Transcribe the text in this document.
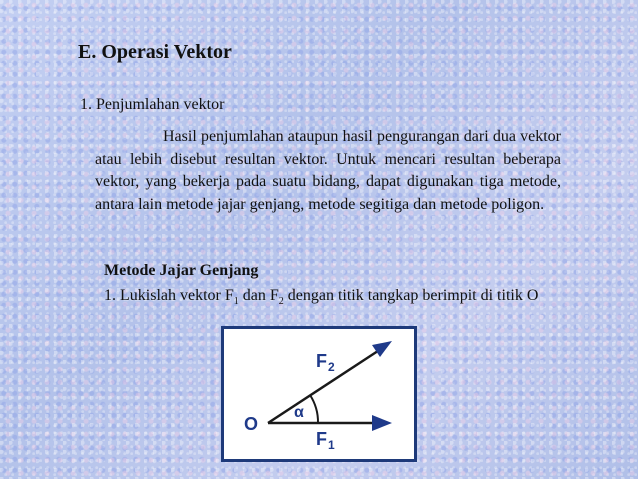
E. Operasi Vektor
1. Penjumlahan vektor
Hasil penjumlahan ataupun hasil pengurangan dari dua vektor atau lebih disebut resultan vektor. Untuk mencari resultan beberapa vektor, yang bekerja pada suatu bidang, dapat digunakan tiga metode, antara lain metode jajar genjang, metode segitiga dan metode poligon.
Metode Jajar Genjang
1. Lukislah vektor $F_1$ dan $F_2$ dengan titik tangkap berimpit di titik O
O
α
F 2
F 1
